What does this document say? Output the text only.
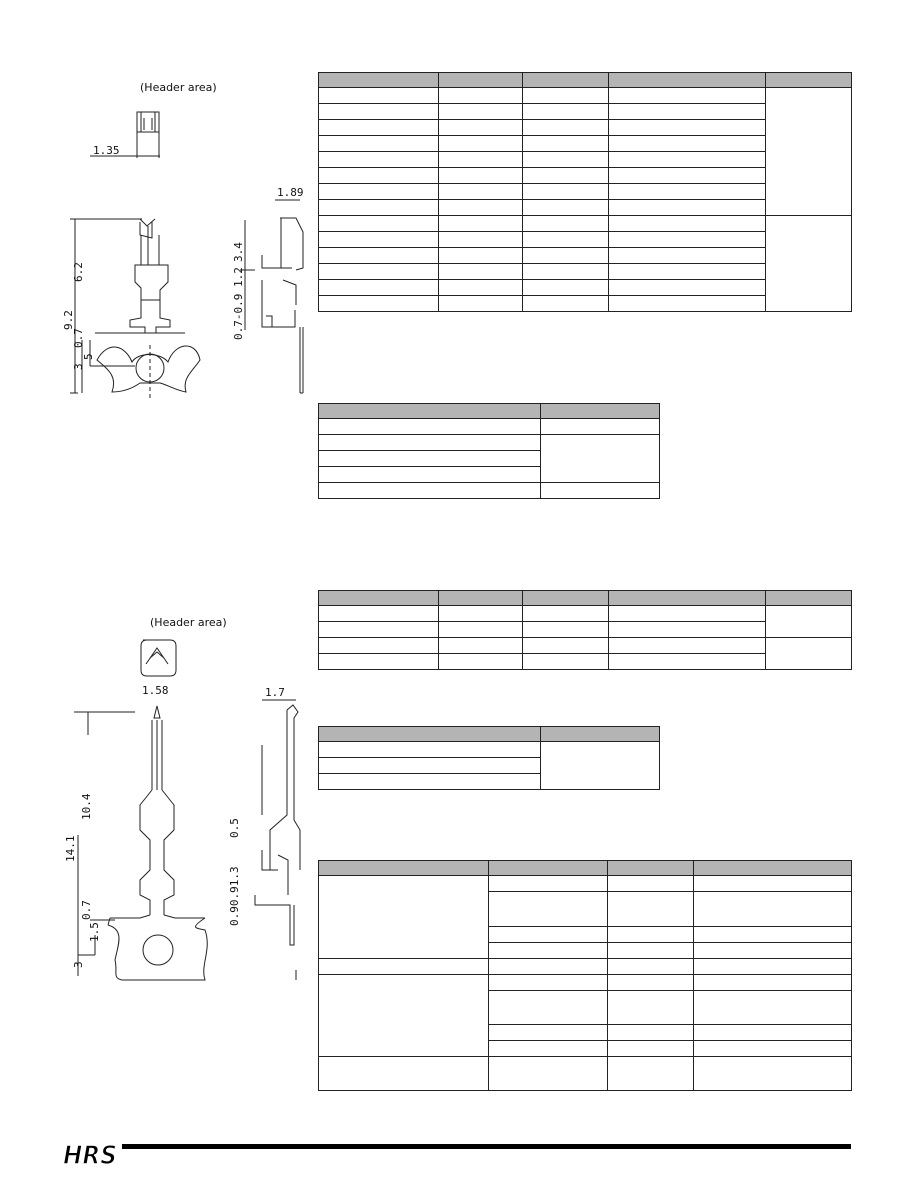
1.35
1.89
9.2
6.2
0.7
5
3
3.4
0.7-0.9 1.2
1.58	1.7
14.1
10.4
0.7
1.5
3
0.5
0.90.91.3
(Header area)
(Header area)

HRS
